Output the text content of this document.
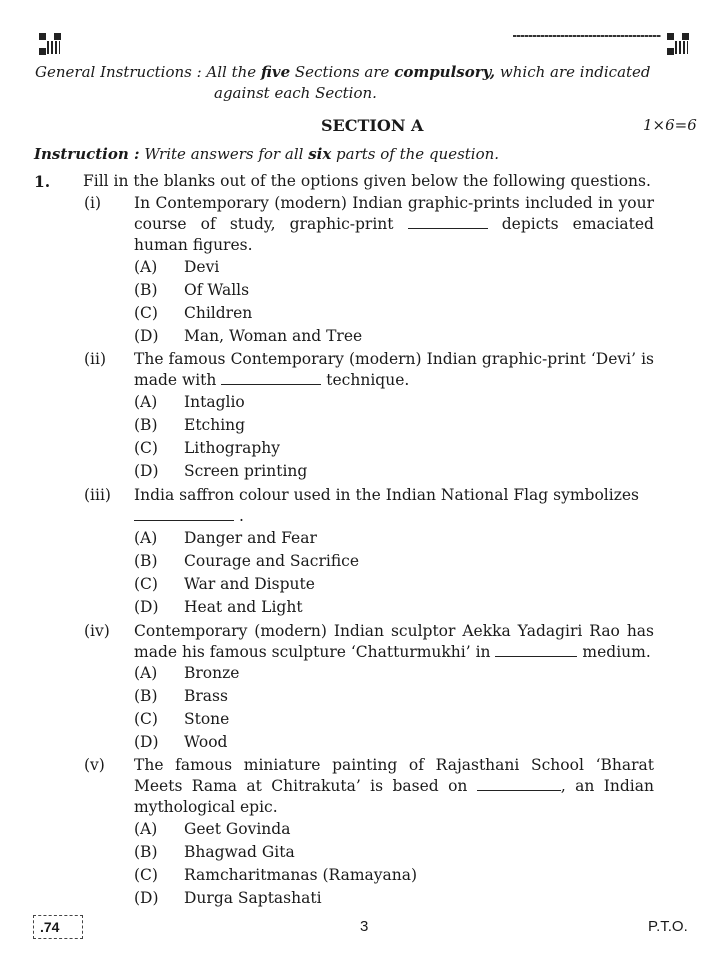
General Instructions : All the five Sections are compulsory, which are indicated
against each Section.
SECTION A	1×6=6
Instruction : Write answers for all six parts of the question.
1. Fill in the blanks out of the options given below the following questions.
(i) In Contemporary (modern) Indian graphic-prints included in your course of study, graphic-print	depicts emaciated human figures.
(A) Devi
(B) Of Walls
(C) Children
(D) Man, Woman and Tree
(ii) The famous Contemporary (modern) Indian graphic-print ‘Devi’ is made with	technique.
(A) Intaglio
(B) Etching
(C) Lithography
(D) Screen printing
(iii) India saffron colour used in the Indian National Flag symbolizes
.
(A) Danger and Fear
(B) Courage and Sacrifice
(C) War and Dispute
(D) Heat and Light
(iv) Contemporary (modern) Indian sculptor Aekka Yadagiri Rao has made his famous sculpture ‘Chatturmukhi’ in	medium.
(A) Bronze
(B) Brass
(C) Stone
(D) Wood
(v) The famous miniature painting of Rajasthani School ‘Bharat Meets Rama at Chitrakuta’ is based on	, an Indian mythological epic.
(A) Geet Govinda
(B) Bhagwad Gita
(C) Ramcharitmanas (Ramayana)
(D) Durga Saptashati
.74	3	P.T.O.
